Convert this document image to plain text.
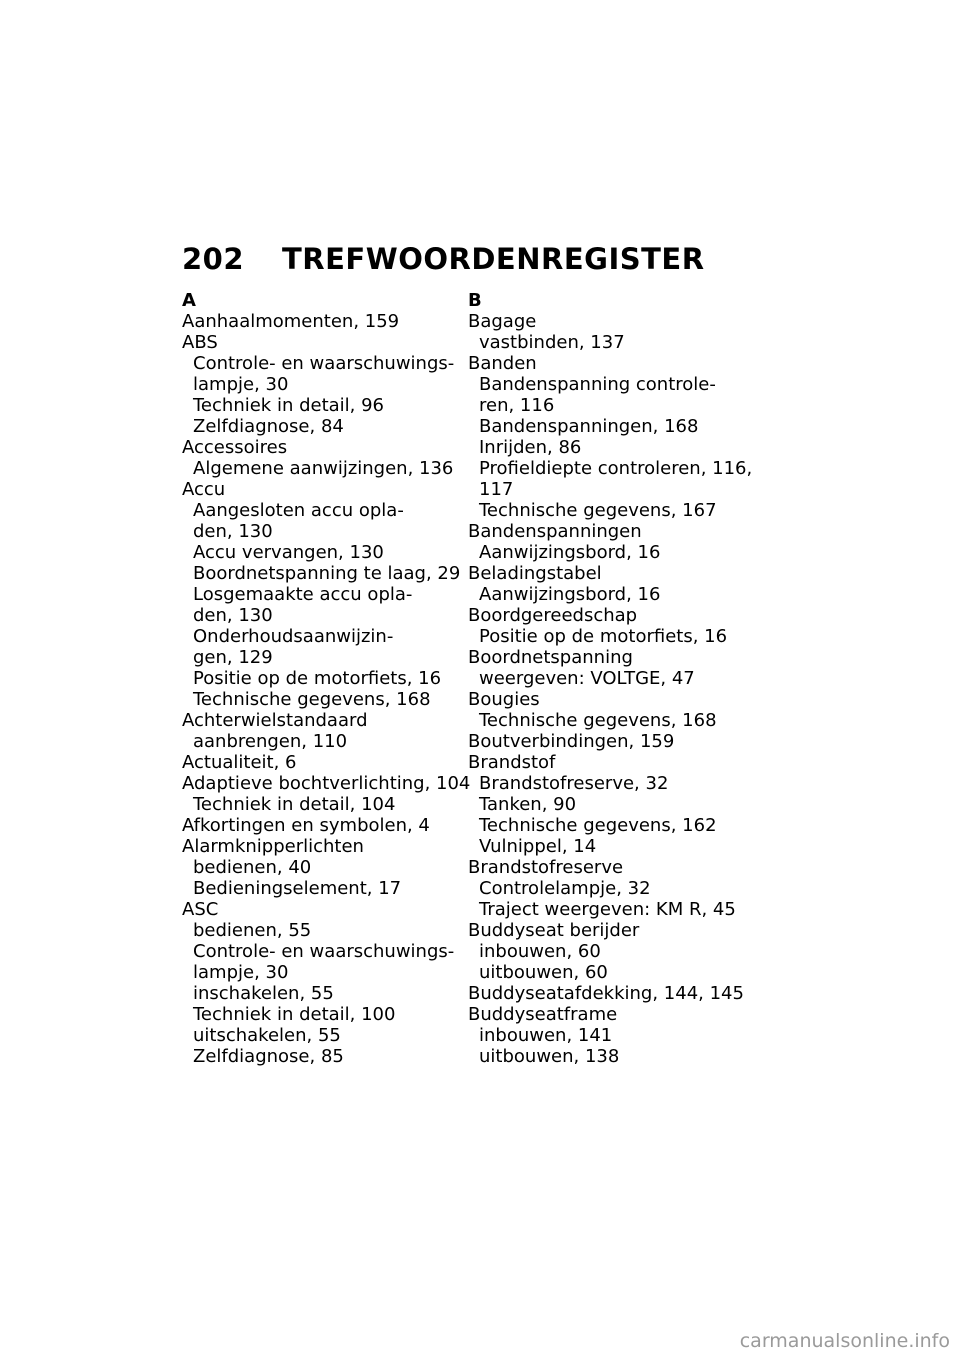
202 TREFWOORDENREGISTER
A
Aanhaalmomenten, 159
ABS
Controle- en waarschuwings-
lampje, 30
Techniek in detail, 96
Zelfdiagnose, 84
Accessoires
Algemene aanwijzingen, 136
Accu
Aangesloten accu opla-
den, 130
Accu vervangen, 130
Boordnetspanning te laag, 29
Losgemaakte accu opla-
den, 130
Onderhoudsaanwijzin-
gen, 129
Positie op de motorfiets, 16
Technische gegevens, 168
Achterwielstandaard
aanbrengen, 110
Actualiteit, 6
Adaptieve bochtverlichting, 104
Techniek in detail, 104
Afkortingen en symbolen, 4
Alarmknipperlichten
bedienen, 40
Bedieningselement, 17
ASC
bedienen, 55
Controle- en waarschuwings-
lampje, 30
inschakelen, 55
Techniek in detail, 100
uitschakelen, 55
Zelfdiagnose, 85
B
Bagage
vastbinden, 137
Banden
Bandenspanning controle-
ren, 116
Bandenspanningen, 168
Inrijden, 86
Profieldiepte controleren, 116,
117
Technische gegevens, 167
Bandenspanningen
Aanwijzingsbord, 16
Beladingstabel
Aanwijzingsbord, 16
Boordgereedschap
Positie op de motorfiets, 16
Boordnetspanning
weergeven: VOLTGE, 47
Bougies
Technische gegevens, 168
Boutverbindingen, 159
Brandstof
Brandstofreserve, 32
Tanken, 90
Technische gegevens, 162
Vulnippel, 14
Brandstofreserve
Controlelampje, 32
Traject weergeven: KM R, 45
Buddyseat berijder
inbouwen, 60
uitbouwen, 60
Buddyseatafdekking, 144, 145
Buddyseatframe
inbouwen, 141
uitbouwen, 138
carmanualsonline.info
